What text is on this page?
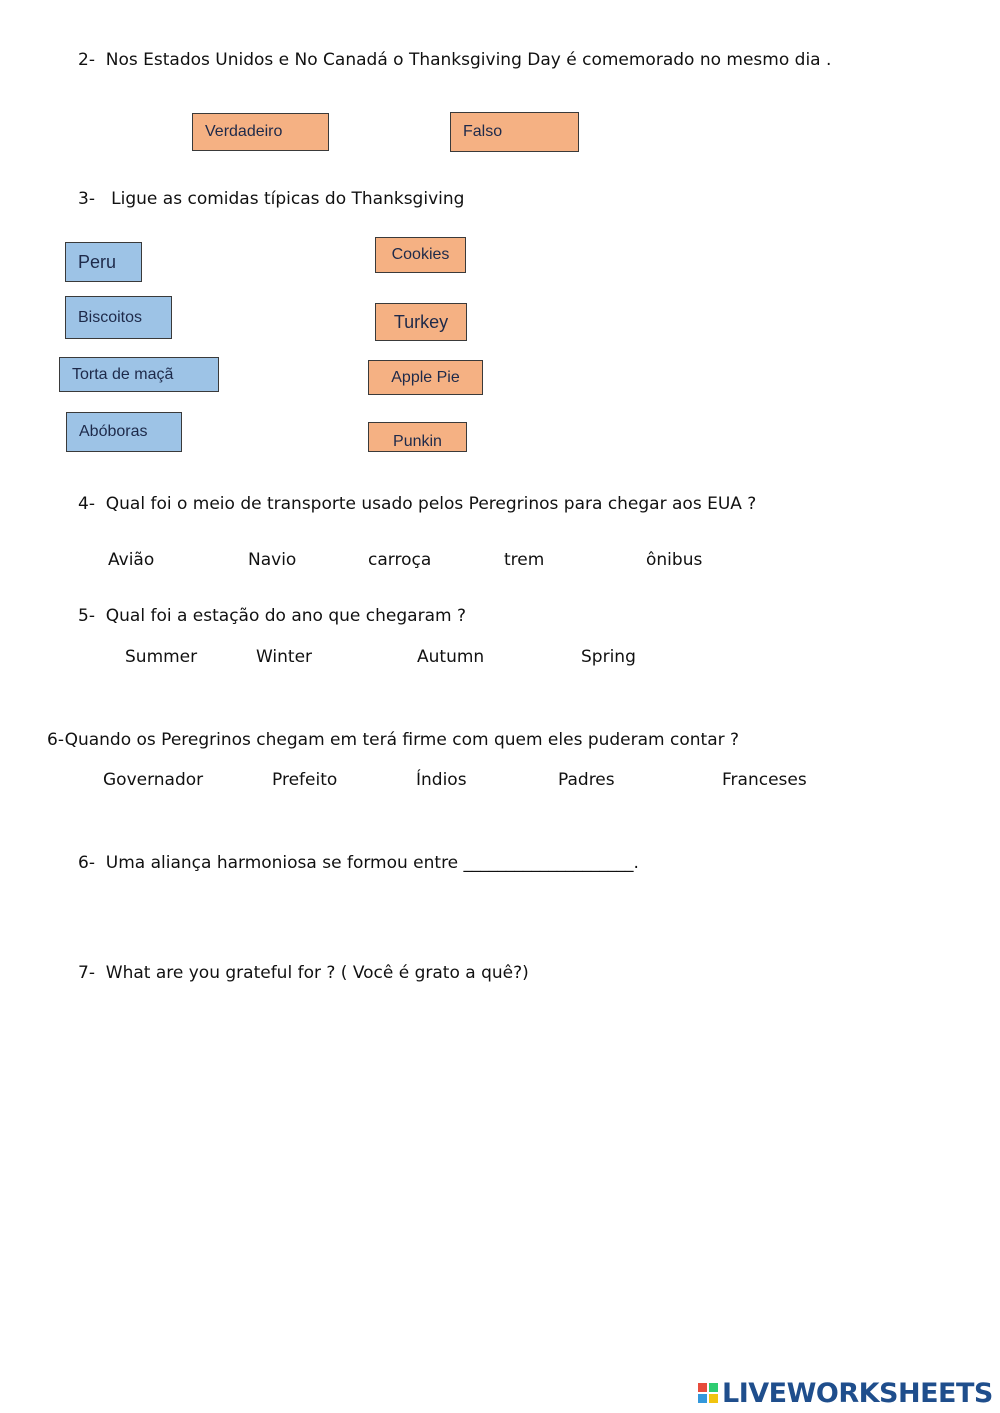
2- Nos Estados Unidos e No Canadá o Thanksgiving Day é comemorado no mesmo dia .
Verdadeiro	Falso
3- Ligue as comidas típicas do Thanksgiving
Peru
Biscoitos
Torta de maçã
Abóboras
Cookies
Turkey
Apple Pie
Punkin
4- Qual foi o meio de transporte usado pelos Peregrinos para chegar aos EUA ?
Avião	Navio	carroça	trem	ônibus
5- Qual foi a estação do ano que chegaram ?
Summer	Winter	Autumn	Spring
6-Quando os Peregrinos chegam em terá firme com quem eles puderam contar ?
Governador	Prefeito	Índios	Padres	Franceses
6- Uma aliança harmoniosa se formou entre ____________________.
7- What are you grateful for ? ( Você é grato a quê?)
LIVEWORKSHEETS
